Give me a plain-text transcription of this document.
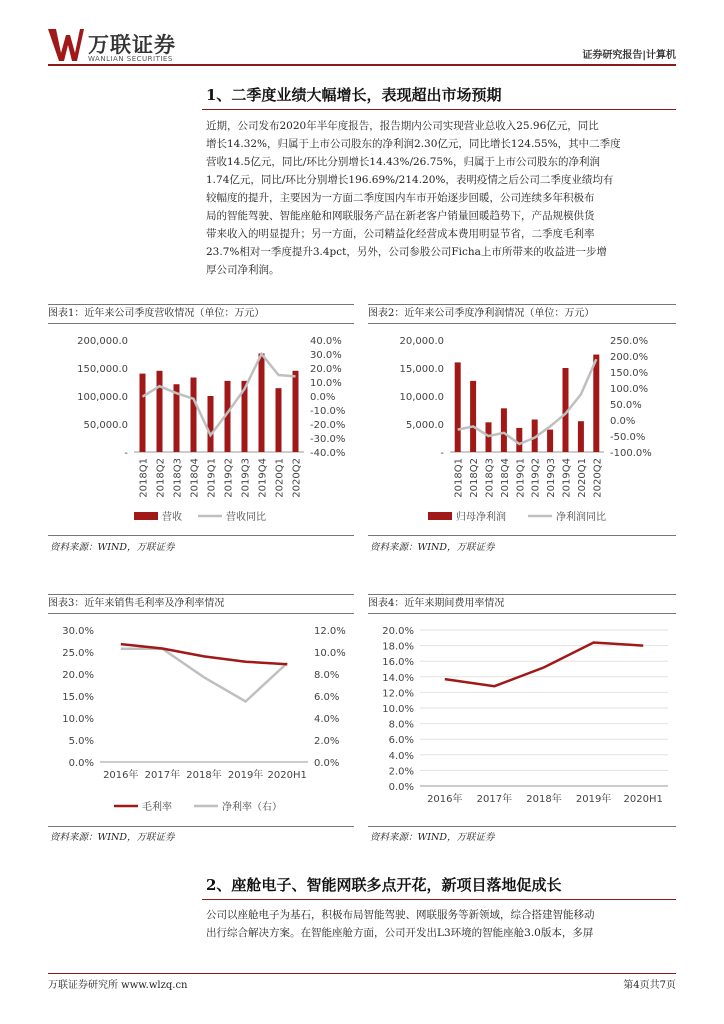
万联证券
WANLIAN SECURITIES	证券研究报告|计算机
1、二季度业绩大幅增长，表现超出市场预期
近期，公司发布2020年半年度报告，报告期内公司实现营业总收入25.96亿元，同比
增长14.32%，归属于上市公司股东的净利润2.30亿元，同比增长124.55%，其中二季度
营收14.5亿元，同比/环比分别增长14.43%/26.75%，归属于上市公司股东的净利润
1.74亿元，同比/环比分别增长196.69%/214.20%，表明疫情之后公司二季度业绩均有
较幅度的提升，主要因为一方面二季度国内车市开始逐步回暖，公司连续多年积极布
局的智能驾驶、智能座舱和网联服务产品在新老客户销量回暖趋势下，产品规模供货
带来收入的明显提升；另一方面，公司精益化经营成本费用明显节省，二季度毛利率
23.7%相对一季度提升3.4pct，另外，公司参股公司Ficha上市所带来的收益进一步增
厚公司净利润。
图表1：近年来公司季度营收情况（单位：万元）	图表2：近年来公司季度净利润情况（单位：万元）
200,000.0
150,000.0
100,000.0
50,000.0
-
40.0%
30.0%
20.0%
10.0%
0.0%
-10.0%
-20.0%
-30.0%
-40.0%
2018Q1 2018Q2 2018Q3 2018Q4 2019Q1 2019Q2 2019Q3 2019Q4 2020Q1 2020Q2
营收	营收同比
20,000.0
15,000.0
10,000.0
5,000.0
-
250.0%
200.0%
150.0%
100.0%
50.0%
0.0%
-50.0%
-100.0%
2018Q1 2018Q2 2018Q3 2018Q4 2019Q1 2019Q2 2019Q3 2019Q4 2020Q1 2020Q2
归母净利润	净利润同比
资料来源：WIND，万联证券	资料来源：WIND，万联证券
图表3：近年来销售毛利率及净利率情况	图表4：近年来期间费用率情况
30.0%
25.0%
20.0%
15.0%
10.0%
5.0%
0.0%
12.0%
10.0%
8.0%
6.0%
4.0%
2.0%
0.0%
2016年 2017年 2018年 2019年 2020H1
毛利率	净利率（右）
20.0%
18.0%
16.0%
14.0%
12.0%
10.0%
8.0%
6.0%
4.0%
2.0%
0.0%
2016年 2017年 2018年 2019年 2020H1
资料来源：WIND，万联证券	资料来源：WIND，万联证券
2、座舱电子、智能网联多点开花，新项目落地促成长
公司以座舱电子为基石，积极布局智能驾驶、网联服务等新领域，综合搭建智能移动
出行综合解决方案。在智能座舱方面，公司开发出L3环境的智能座舱3.0版本，多屏
万联证券研究所 www.wlzq.cn	第4页共7页
